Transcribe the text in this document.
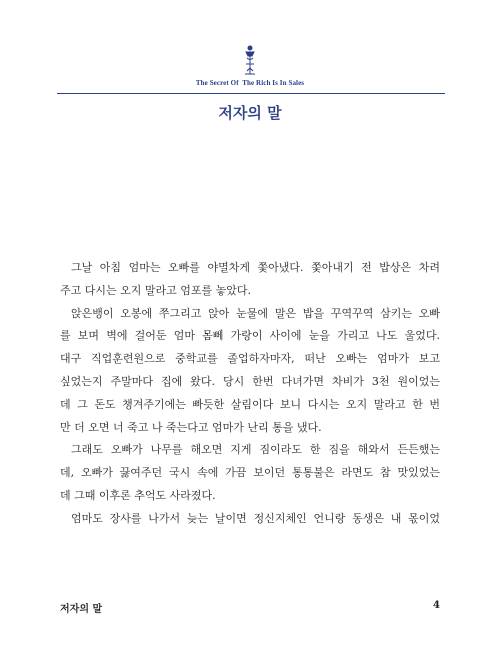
The Secret Of  The Rich Is In Sales
저자의 말
그날 아침 엄마는 오빠를 야멸차게 쫓아냈다. 쫓아내기 전 밥상은 차려
주고 다시는 오지 말라고 엄포를 놓았다.
앉은뱅이 오봉에 쭈그리고 앉아 눈물에 말은 밥을 꾸역꾸역 삼키는 오빠
를 보며 벽에 걸어둔 엄마 몸뻬 가랑이 사이에 눈을 가리고 나도 울었다.
대구 직업훈련원으로 중학교를 졸업하자마자, 떠난 오빠는 엄마가 보고
싶었는지 주말마다 집에 왔다. 당시 한번 다녀가면 차비가 3천 원이었는
데 그 돈도 챙겨주기에는 빠듯한 살림이다 보니 다시는 오지 말라고 한 번
만 더 오면 너 죽고 나 죽는다고 엄마가 난리 통을 냈다.
그래도 오빠가 나무를 해오면 지게 짐이라도 한 짐을 해와서 든든했는
데, 오빠가 끓여주던 국시 속에 가끔 보이던 통통불은 라면도 참 맛있었는
데 그때 이후론 추억도 사라졌다.
엄마도 장사를 나가서 늦는 날이면 정신지체인 언니랑 동생은 내 몫이었
저자의 말	4
